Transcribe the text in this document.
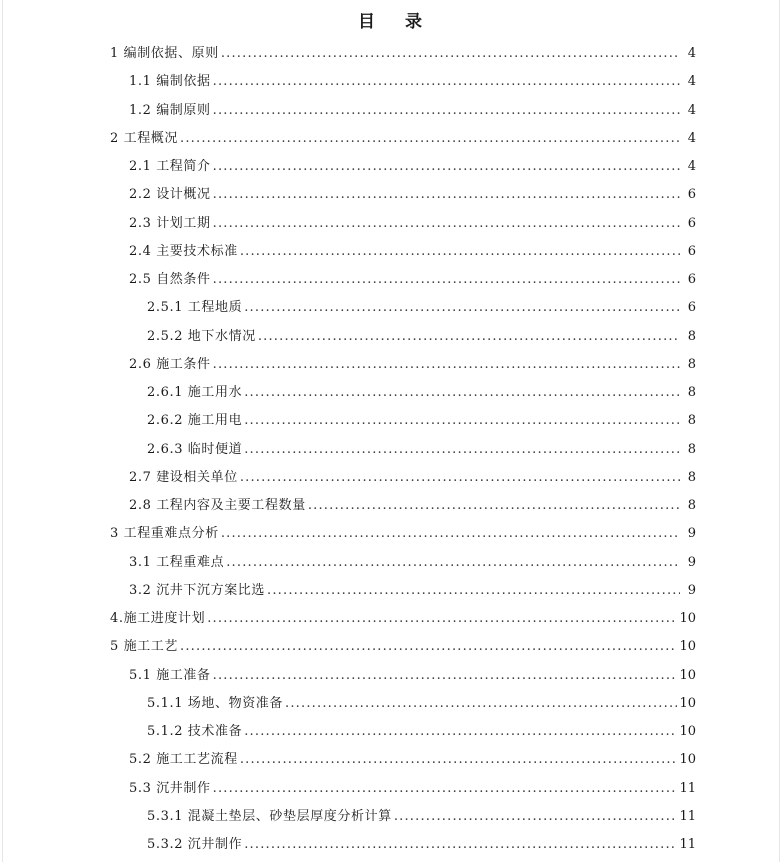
目 录
1 编制依据、原则 .....	4
1.1 编制依据 .....	4
1.2 编制原则 .....	4
2 工程概况 .....	4
2.1 工程简介 .....	4
2.2 设计概况 .....	6
2.3 计划工期 .....	6
2.4 主要技术标准 .....	6
2.5 自然条件 .....	6
2.5.1 工程地质 .....	6
2.5.2 地下水情况 .....	8
2.6 施工条件 .....	8
2.6.1 施工用水 .....	8
2.6.2 施工用电 .....	8
2.6.3 临时便道 .....	8
2.7 建设相关单位 .....	8
2.8 工程内容及主要工程数量 .....	8
3 工程重难点分析 .....	9
3.1 工程重难点 .....	9
3.2 沉井下沉方案比选 .....	9
4.施工进度计划 .....	10
5 施工工艺 .....	10
5.1 施工准备 .....	10
5.1.1 场地、物资准备 .....	10
5.1.2 技术准备 .....	10
5.2 施工工艺流程 .....	10
5.3 沉井制作 .....	11
5.3.1 混凝土垫层、砂垫层厚度分析计算 .....	11
5.3.2 沉井制作 .....	11
